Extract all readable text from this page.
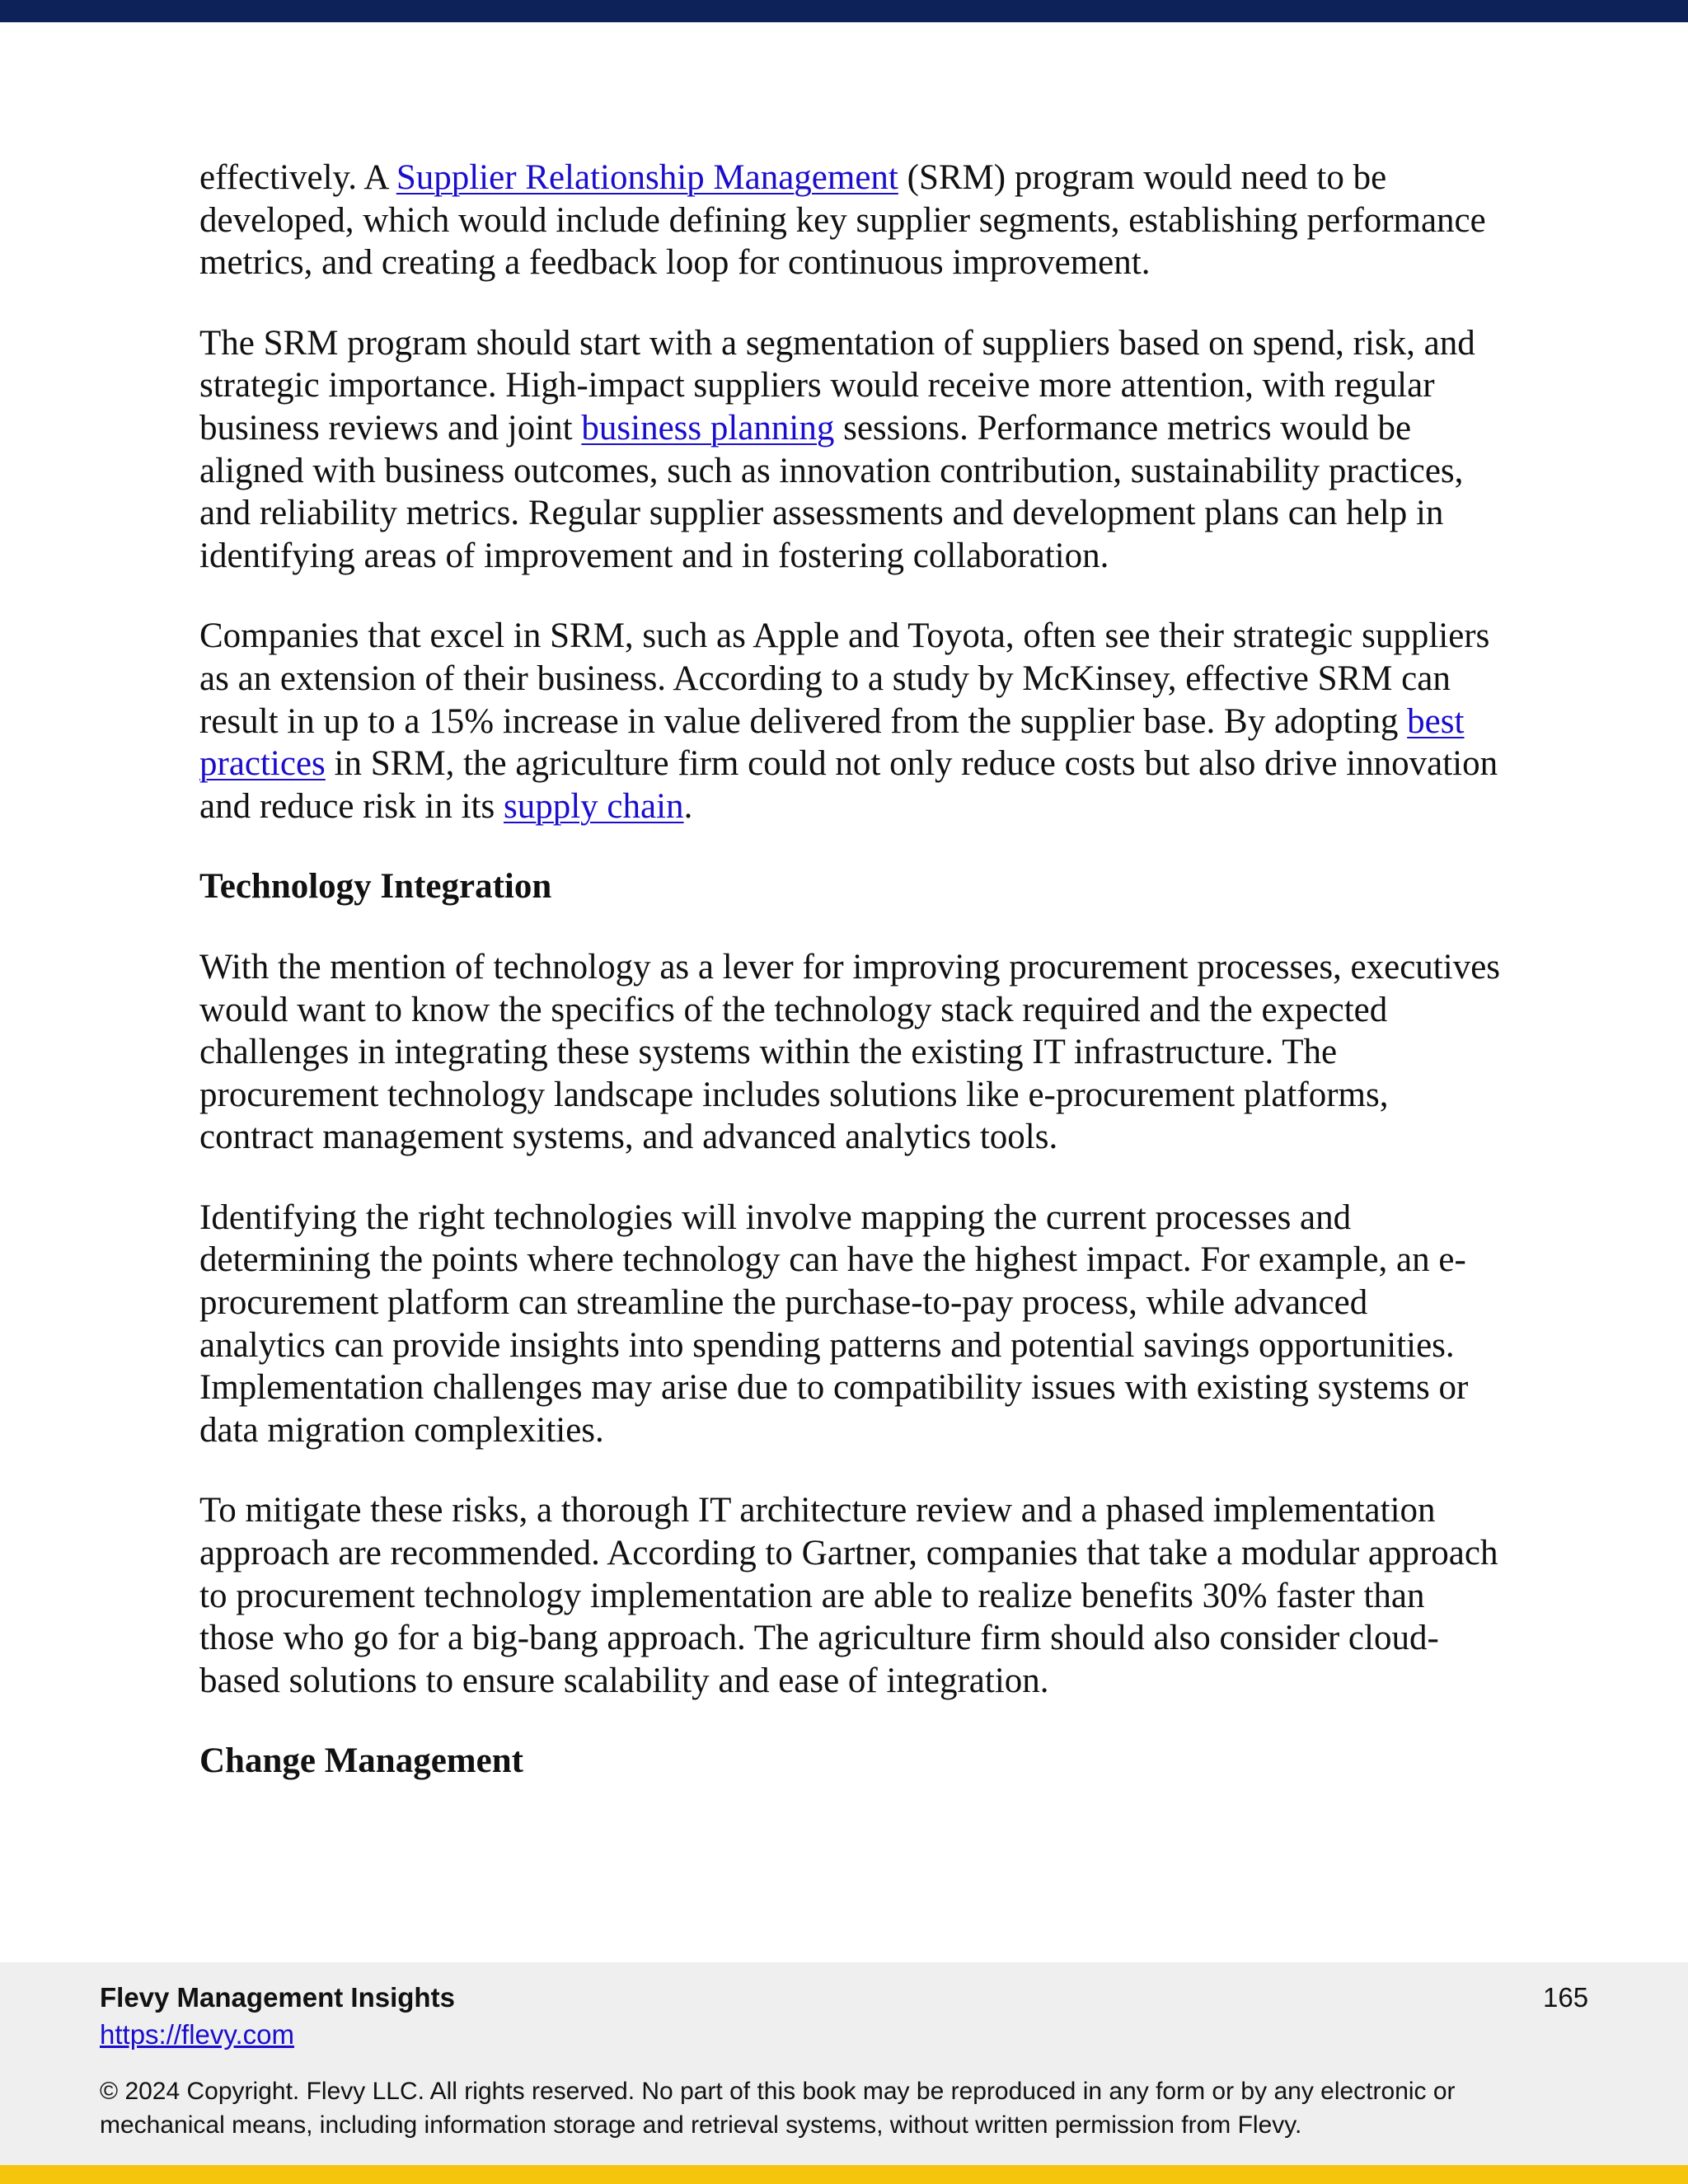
effectively. A Supplier Relationship Management (SRM) program would need to be developed, which would include defining key supplier segments, establishing performance metrics, and creating a feedback loop for continuous improvement.

The SRM program should start with a segmentation of suppliers based on spend, risk, and strategic importance. High-impact suppliers would receive more attention, with regular business reviews and joint business planning sessions. Performance metrics would be aligned with business outcomes, such as innovation contribution, sustainability practices, and reliability metrics. Regular supplier assessments and development plans can help in identifying areas of improvement and in fostering collaboration.

Companies that excel in SRM, such as Apple and Toyota, often see their strategic suppliers as an extension of their business. According to a study by McKinsey, effective SRM can result in up to a 15% increase in value delivered from the supplier base. By adopting best practices in SRM, the agriculture firm could not only reduce costs but also drive innovation and reduce risk in its supply chain.

Technology Integration

With the mention of technology as a lever for improving procurement processes, executives would want to know the specifics of the technology stack required and the expected challenges in integrating these systems within the existing IT infrastructure. The procurement technology landscape includes solutions like e-procurement platforms, contract management systems, and advanced analytics tools.

Identifying the right technologies will involve mapping the current processes and determining the points where technology can have the highest impact. For example, an e-procurement platform can streamline the purchase-to-pay process, while advanced analytics can provide insights into spending patterns and potential savings opportunities. Implementation challenges may arise due to compatibility issues with existing systems or data migration complexities.

To mitigate these risks, a thorough IT architecture review and a phased implementation approach are recommended. According to Gartner, companies that take a modular approach to procurement technology implementation are able to realize benefits 30% faster than those who go for a big-bang approach. The agriculture firm should also consider cloud-based solutions to ensure scalability and ease of integration.

Change Management
Flevy Management Insights
https://flevy.com
165
© 2024 Copyright. Flevy LLC. All rights reserved. No part of this book may be reproduced in any form or by any electronic or
mechanical means, including information storage and retrieval systems, without written permission from Flevy.
